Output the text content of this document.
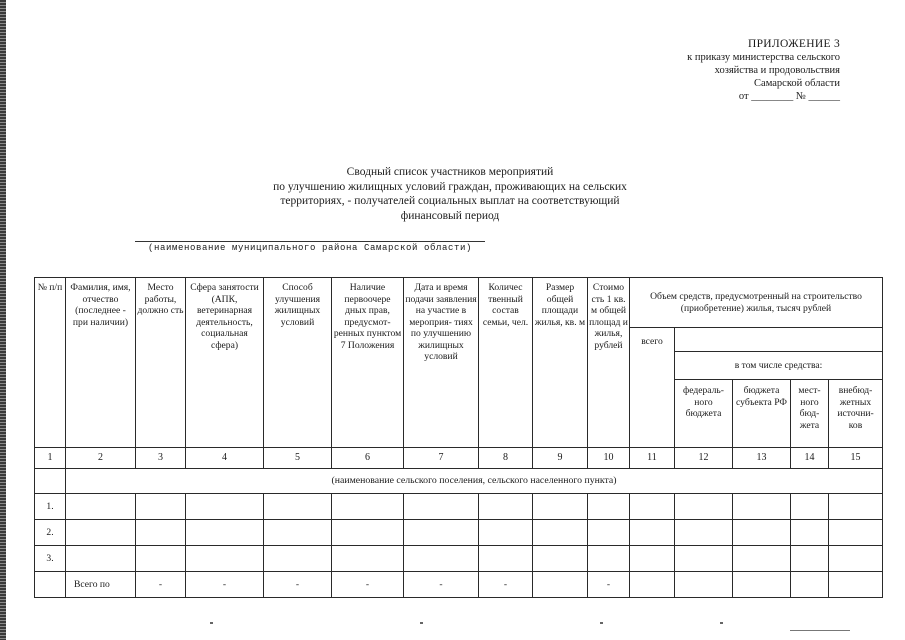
ПРИЛОЖЕНИЕ 3
к приказу министерства сельского
хозяйства и продовольствия
Самарской области
от ________ № ______
Сводный список участников мероприятий
по улучшению жилищных условий граждан, проживающих на сельских
территориях, - получателей социальных выплат на соответствующий
финансовый период
(наименование муниципального района Самарской области)
№ п/п	Фамилия, имя, отчество (последнее - при наличии)	Место работы, должно сть	Сфера занятости (АПК, ветеринарная деятельность, социальная сфера)	Способ улучшения жилищных условий	Наличие первоочере дных прав, предусмот- ренных пунктом 7 Положения	Дата и время подачи заявления на участие в мероприя- тиях по улучшению жилищных условий	Количес твенный состав семьи, чел.	Размер общей площади жилья, кв. м	Стоимо сть 1 кв. м общей площад и жилья, рублей	Объем средств, предусмотренный на строительство (приобретение) жилья, тысяч рублей				
										всего				
											в том числе средства:			
											федераль- ного бюджета	бюджета субъекта РФ	мест- ного бюд- жета	внебюд- жетных источни- ков
1	2	3	4	5	6	7	8	9	10	11	12	13	14	15
	(наименование сельского поселения, сельского населенного пункта)													
1.														
2.														
3.														
	Всего по	-	-	-	-	-	-		-					
